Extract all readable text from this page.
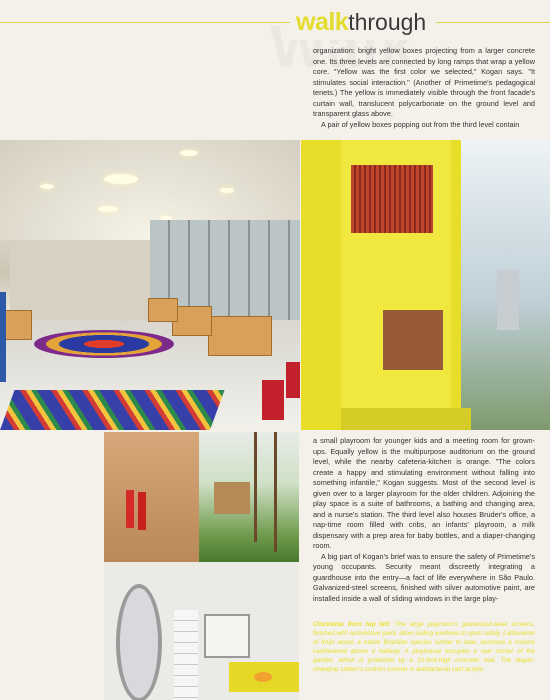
walkthrough

organization: bright yellow boxes projecting from a larger concrete one. Its three levels are connected by long ramps that wrap a yellow core. "Yellow was the first color we selected," Kogan says. "It stimulates social interaction." (Another of Primetime's pedagogical tenets.) The yellow is immediately visible through the front facade's curtain wall, translucent polycarbonate on the ground level and transparent glass above.

A pair of yellow boxes popping out from the third level contain

a small playroom for younger kids and a meeting room for grown-ups. Equally yellow is the multipurpose auditorium on the ground level, while the nearby cafeteria-kitchen is orange. "The colors create a happy and stimulating environment without falling into something infantile," Kogan suggests. Most of the second level is given over to a larger playroom for the older children. Adjoining the play space is a suite of bathrooms, a bathing and changing area, and a nurse's station. The third level also houses Bruder's office, a nap-time room filled with cribs, an infants' playroom, a milk dispensary with a prep area for baby bottles, and a diaper-changing room.

A big part of Kogan's brief was to ensure the safety of Primetime's young occupants. Security meant discreetly integrating a guardhouse into the entry—a fact of life everywhere in São Paulo. Galvanized-steel screens, finished with silver automotive paint, are installed inside a wall of sliding windows in the large play-

Clockwise from top left: The large playroom's galvanized-steel screens, finished with automotive paint, allow sliding windows to open safely. Latticework of freijo wood, a native Brazilian species similar to teak, encloses a volume cantilevered above a hallway. A playhouse occupies a rear corner of the garden, which is protected by a 12-foot-high concrete wall. The diaper-changing station's custom counter is antibacterial cast acrylic.
